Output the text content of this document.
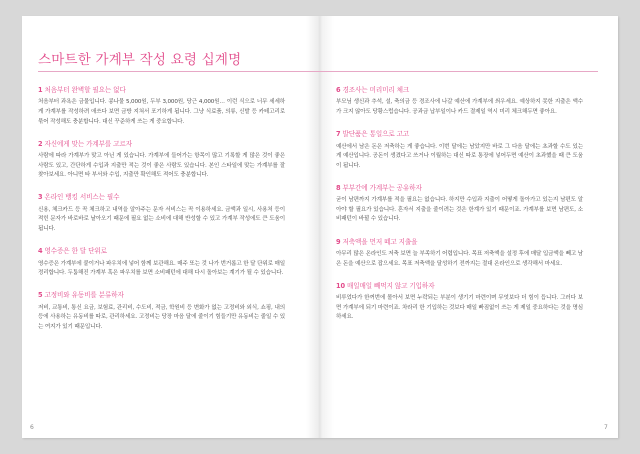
스마트한 가계부 작성 요령 십계명
1 처음부터 완벽할 필요는 없다
처음부터 과욕은 금물입니다. 콩나물 5,000원, 두부 3,000원, 당근 4,000원… 이런 식으로 너무 세세하게 가계부를 작성하려 애쓰다 보면 금방 지쳐서 포기하게 됩니다. 그냥 식료품, 의류, 신발 등 카테고리로 묶어 작성해도 충분합니다. 대신 꾸준하게 쓰는 게 중요합니다.
2 자신에게 맞는 가계부를 고르자
사람에 따라 가계부가 맞고 아닌 게 있습니다. 가계부에 들어가는 항목이 많고 기록할 게 많은 것이 좋은 사람도 있고, 간단하게 수입과 지출만 적는 것이 좋은 사람도 있습니다. 본인 스타일에 맞는 가계부를 잘 찾아보세요. 아니면 타 부서와 수입, 지출만 확인해도 적어도 충분합니다.
3 온라인 뱅킹 서비스는 필수
신용, 체크카드 등 꼭 체크하고 내역을 알아주는 문자 서비스는 꼭 이용하세요. 금액과 일시, 사용처 등이 적힌 문자가 바로바로 날아오기 때문에 필요 없는 소비에 대해 반성할 수 있고 가계부 작성에도 큰 도움이 됩니다.
4 영수증은 한 달 단위로
영수증은 가계부에 붙이거나 파우치에 넣어 함께 보관해요. 매주 또는 것 나가 번거롭고 한 달 단위로 매일 정리합니다. 두툼해진 가계부 혹은 파우치를 보면 소비패턴에 대해 다시 돌아보는 계기가 될 수 있습니다.
5 고정비와 유동비를 분류하자
저비, 교통비, 통신 요금, 보험료, 관리비, 수도비, 적금, 학원비 등 변화가 없는 고정비와 외식, 쇼핑, 내의 등에 사용하는 유동비를 따로, 관리하세요. 고정비는 당장 마음 달에 줄이기 힘들기만 유동비는 줄일 수 있는 여지가 있기 때문입니다.
6 경조사는 미리미리 체크
부모님 생신과 추석, 설, 축의금 등 경조사에 나갈 예산에 가계부에 씌우세요. 예상하지 못한 지출은 액수가 크지 않아도 당황스럽습니다. 공과금 납부일이나 카드 결제일 역시 미리 체크해두면 좋아요.
7 발단품은 통일으로 고고
예산에서 남은 돈은 저축하는 게 좋습니다. 이번 달에는 남았지만 바로 그 다음 달에는 초과할 수도 있는 게 예산입니다. 공돈이 생겼다고 쓰거나 이월하는 대신 따로 통장에 넣어두면 예산이 초과했을 때 큰 도움이 됩니다.
8 부부간에 가계부는 공유하자
굳이 남편까지 가계부를 적을 필요는 없습니다. 하지만 수입과 지출이 어떻게 돌아가고 있는지 남편도 알아야 할 필요가 있습니다. 혼자서 지출을 줄이려는 것은 한계가 있기 때문이죠. 가계부를 보면 남편도, 소비패턴이 바뀔 수 있습니다.
9 저축액을 먼저 떼고 지출을
아무리 많은 온라인도 저축 보면 늘 부족하기 어렵입니다. 목표 저축액을 설정 후에 매달 입금액을 빼고 남은 돈을 예산으로 잡으세요. 목표 저축액을 달성하기 전까지는 절대 온라인으로 생각해서 마세요.
10 매일매일 빼먹지 않고 기입하자
비루었다가 한꺼번에 몰아서 보면 누락되는 부분이 생기기 마련이며 무엇보다 더 힘이 듭니다. 그러다 보면 가계부에 되기 마련이죠. 차라리 한 기입하는 것보다 매일 빠짐없이 쓰는 게 제일 중요하다는 것을 명심하세요.
6	7
